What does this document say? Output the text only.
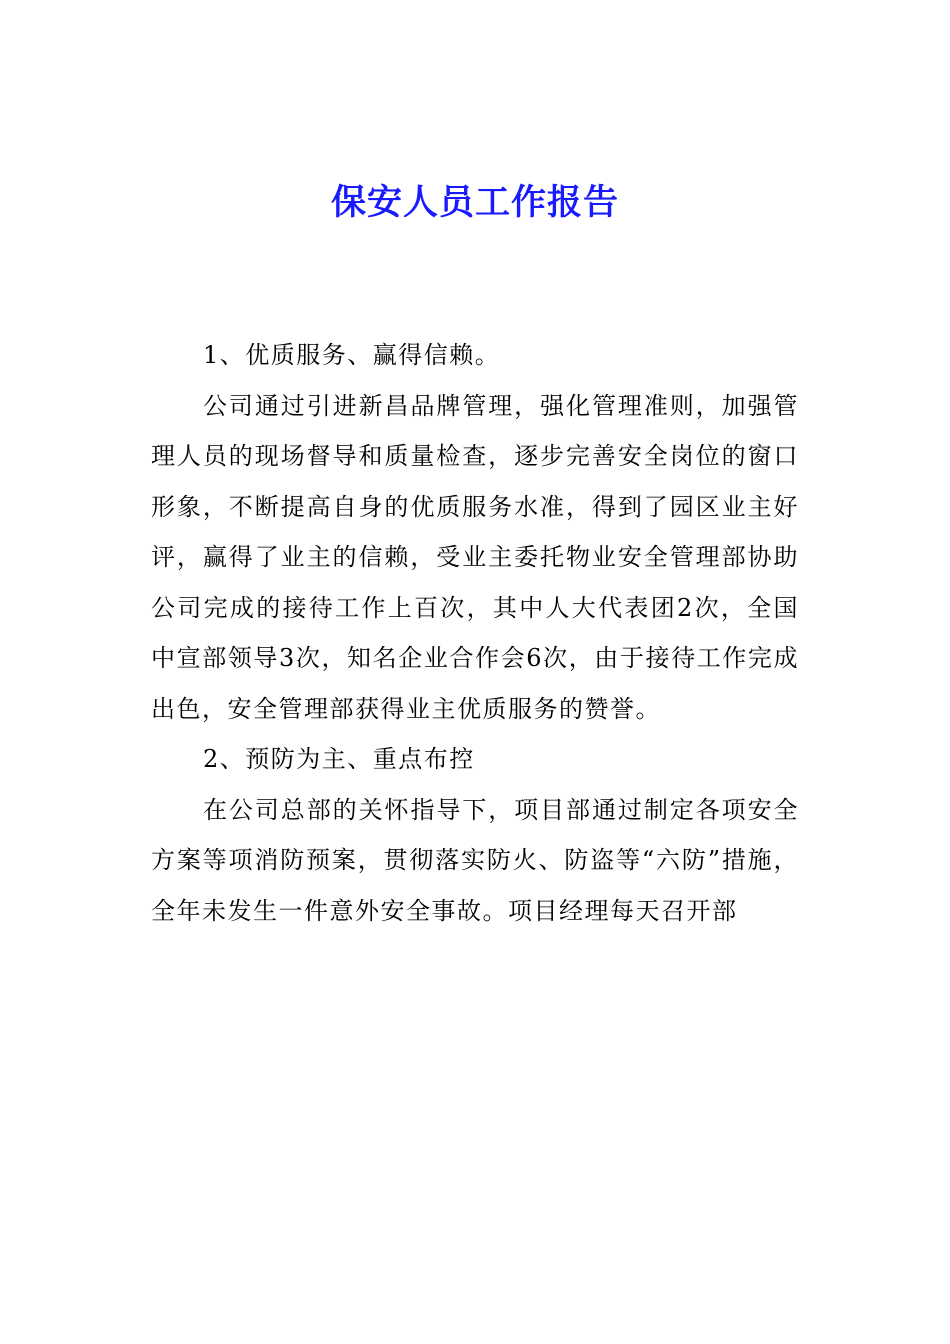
保安人员工作报告

1、优质服务、赢得信赖。

公司通过引进新昌品牌管理，强化管理准则，加强管理人员的现场督导和质量检查，逐步完善安全岗位的窗口形象，不断提高自身的优质服务水准，得到了园区业主好评，赢得了业主的信赖，受业主委托物业安全管理部协助公司完成的接待工作上百次，其中人大代表团2次，全国中宣部领导3次，知名企业合作会6次，由于接待工作完成出色，安全管理部获得业主优质服务的赞誉。

2、预防为主、重点布控

在公司总部的关怀指导下，项目部通过制定各项安全方案等项消防预案，贯彻落实防火、防盗等“六防”措施，全年未发生一件意外安全事故。项目经理每天召开部
